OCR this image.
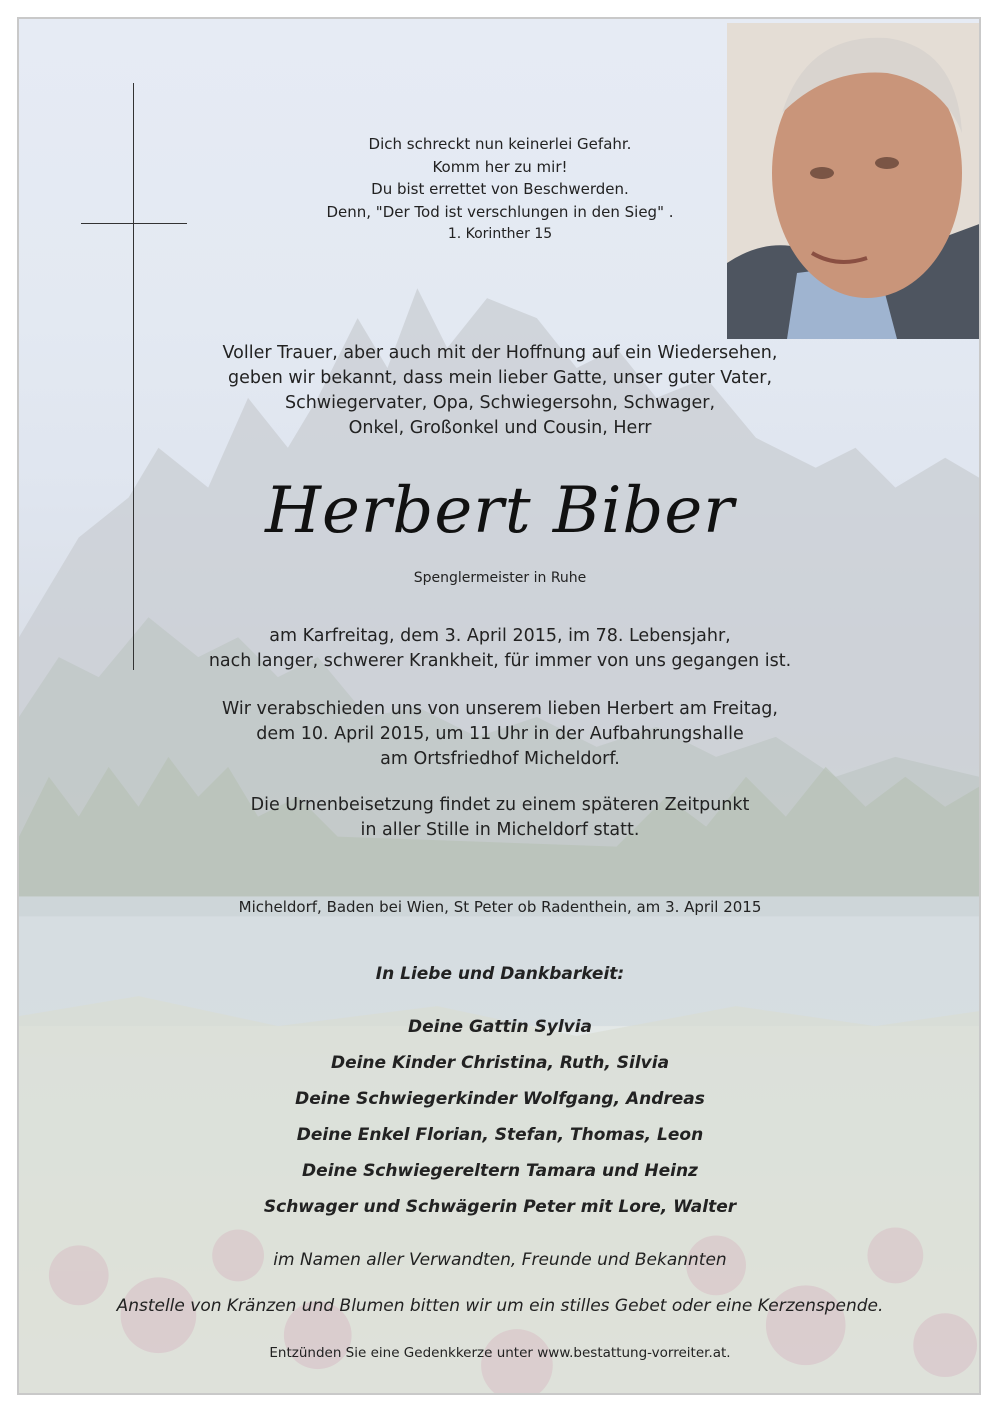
Dich schreckt nun keinerlei Gefahr.
Komm her zu mir!
Du bist errettet von Beschwerden.
Denn, "Der Tod ist verschlungen in den Sieg" .
1. Korinther 15
Voller Trauer, aber auch mit der Hoffnung auf ein Wiedersehen,
geben wir bekannt, dass mein lieber Gatte, unser guter Vater,
Schwiegervater, Opa, Schwiegersohn, Schwager,
Onkel, Großonkel und Cousin, Herr
Herbert Biber
Spenglermeister in Ruhe
am Karfreitag, dem 3. April 2015, im 78. Lebensjahr,
nach langer, schwerer Krankheit, für immer von uns gegangen ist.
Wir verabschieden uns von unserem lieben Herbert am Freitag,
dem 10. April 2015, um 11 Uhr in der Aufbahrungshalle
am Ortsfriedhof Micheldorf.
Die Urnenbeisetzung findet zu einem späteren Zeitpunkt
in aller Stille in Micheldorf statt.
Micheldorf, Baden bei Wien, St Peter ob Radenthein, am 3. April 2015
In Liebe und Dankbarkeit:
Deine Gattin Sylvia
Deine Kinder Christina, Ruth, Silvia
Deine Schwiegerkinder Wolfgang, Andreas
Deine Enkel Florian, Stefan, Thomas, Leon
Deine Schwiegereltern Tamara und Heinz
Schwager und Schwägerin Peter mit Lore, Walter
im Namen aller Verwandten, Freunde und Bekannten
Anstelle von Kränzen und Blumen bitten wir um ein stilles Gebet oder eine Kerzenspende.
Entzünden Sie eine Gedenkkerze unter www.bestattung-vorreiter.at.
